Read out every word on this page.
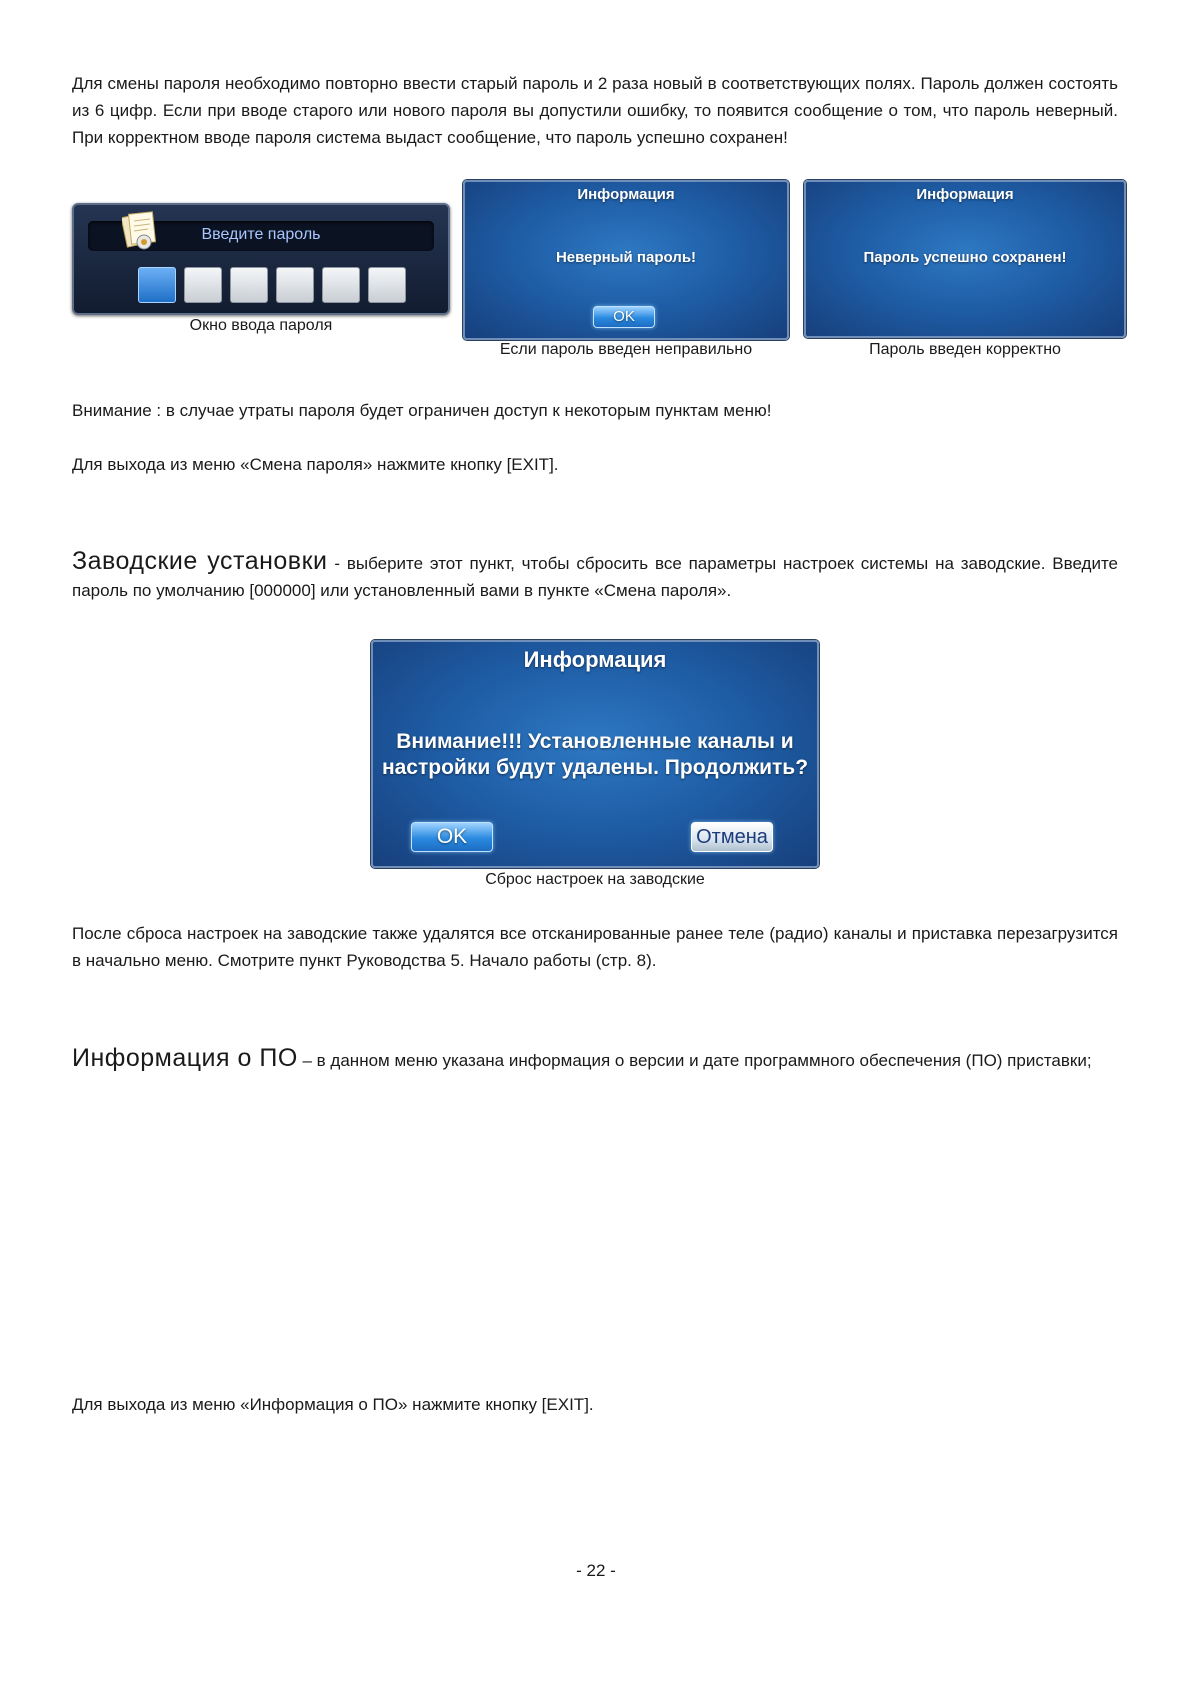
Для смены пароля необходимо повторно ввести старый пароль и 2 раза новый в соответствующих полях. Пароль должен состоять из 6 цифр. Если при вводе старого или нового пароля вы допустили ошибку, то появится сообщение о том, что пароль неверный. При корректном вводе пароля система выдаст сообщение, что пароль успешно сохранен!

Введите пароль
Окно ввода пароля
Информация
Неверный пароль!
OK
Если пароль введен неправильно
Информация
Пароль успешно сохранен!
Пароль введен корректно

Внимание : в случае утраты пароля будет ограничен доступ к некоторым пунктам меню!

Для выхода из меню «Смена пароля» нажмите кнопку [EXIT].

Заводские установки - выберите этот пункт, чтобы сбросить все параметры настроек системы на заводские. Введите пароль по умолчанию [000000] или установленный вами в пункте «Смена пароля».

Информация
Внимание!!! Установленные каналы и
настройки будут удалены. Продолжить?
OK	Отмена
Сброс настроек на заводские

После сброса настроек на заводские также удалятся все отсканированные ранее теле (радио) каналы и приставка перезагрузится в начально меню. Смотрите пункт Руководства 5. Начало работы (стр. 8).

Информация о ПО – в данном меню указана информация о версии и дате программного обеспечения (ПО) приставки;

Для выхода из меню «Информация о ПО» нажмите кнопку [EXIT].

- 22 -
